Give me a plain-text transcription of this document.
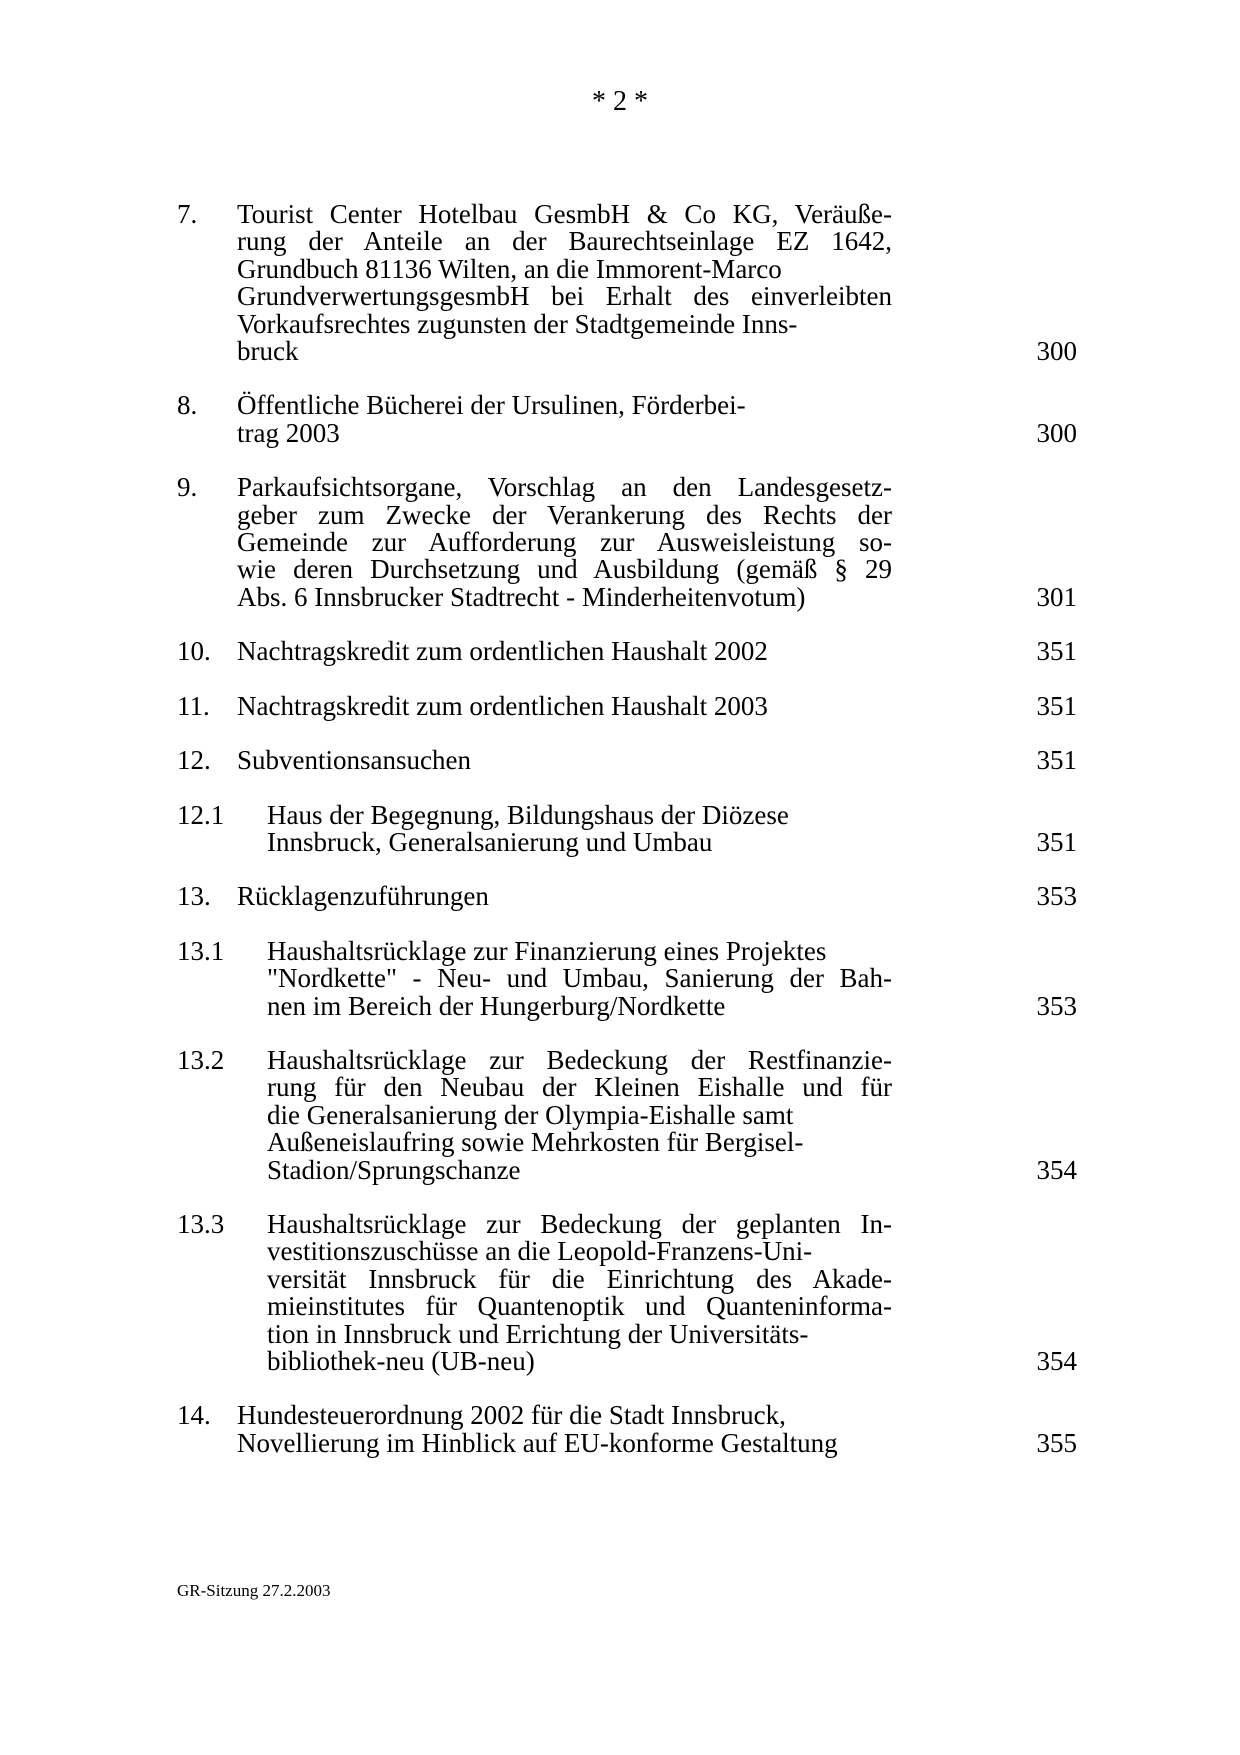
* 2 *
7. Tourist Center Hotelbau GesmbH & Co KG, Veräuße-
rung der Anteile an der Baurechtseinlage EZ 1642,
Grundbuch 81136 Wilten, an die Immorent-Marco
GrundverwertungsgesmbH bei Erhalt des einverleibten
Vorkaufsrechtes zugunsten der Stadtgemeinde Inns-
bruck	300
8. Öffentliche Bücherei der Ursulinen, Förderbei-
trag 2003	300
9. Parkaufsichtsorgane, Vorschlag an den Landesgesetz-
geber zum Zwecke der Verankerung des Rechts der
Gemeinde zur Aufforderung zur Ausweisleistung so-
wie deren Durchsetzung und Ausbildung (gemäß § 29
Abs. 6 Innsbrucker Stadtrecht - Minderheitenvotum)	301
10. Nachtragskredit zum ordentlichen Haushalt 2002	351
11. Nachtragskredit zum ordentlichen Haushalt 2003	351
12. Subventionsansuchen	351
12.1 Haus der Begegnung, Bildungshaus der Diözese
Innsbruck, Generalsanierung und Umbau	351
13. Rücklagenzuführungen	353
13.1 Haushaltsrücklage zur Finanzierung eines Projektes
"Nordkette" - Neu- und Umbau, Sanierung der Bah-
nen im Bereich der Hungerburg/Nordkette	353
13.2 Haushaltsrücklage zur Bedeckung der Restfinanzie-
rung für den Neubau der Kleinen Eishalle und für
die Generalsanierung der Olympia-Eishalle samt
Außeneislaufring sowie Mehrkosten für Bergisel-
Stadion/Sprungschanze	354
13.3 Haushaltsrücklage zur Bedeckung der geplanten In-
vestitionszuschüsse an die Leopold-Franzens-Uni-
versität Innsbruck für die Einrichtung des Akade-
mieinstitutes für Quantenoptik und Quanteninforma-
tion in Innsbruck und Errichtung der Universitäts-
bibliothek-neu (UB-neu)	354
14. Hundesteuerordnung 2002 für die Stadt Innsbruck,
Novellierung im Hinblick auf EU-konforme Gestaltung	355
GR-Sitzung 27.2.2003
